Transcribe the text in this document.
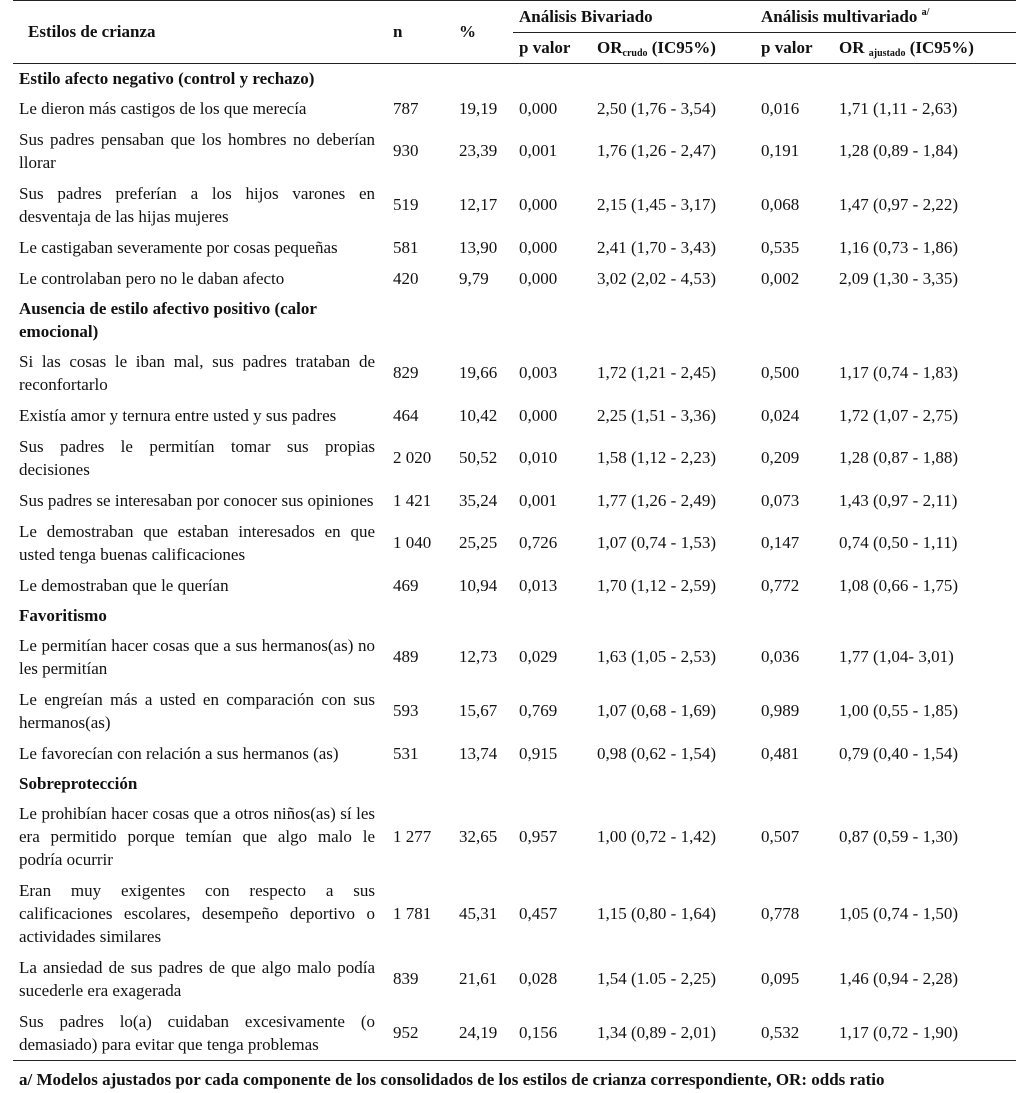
Estilos de crianza	n	%	Análisis Bivariado		Análisis multivariado $^{a/}$
			p valor	$OR_{crudo}$ (IC95%)	p valor	OR $_{ajustado}$ (IC95%)
Estilo afecto negativo (control y rechazo)						
Le dieron más castigos de los que merecía	787	19,19	0,000	2,50 (1,76 - 3,54)	0,016	1,71 (1,11 - 2,63)
Sus padres pensaban que los hombres no deberían llorar	930	23,39	0,001	1,76 (1,26 - 2,47)	0,191	1,28 (0,89 - 1,84)
Sus padres preferían a los hijos varones en desventaja de las hijas mujeres	519	12,17	0,000	2,15 (1,45 - 3,17)	0,068	1,47 (0,97 - 2,22)
Le castigaban severamente por cosas pequeñas	581	13,90	0,000	2,41 (1,70 - 3,43)	0,535	1,16 (0,73 - 1,86)
Le controlaban pero no le daban afecto	420	9,79	0,000	3,02 (2,02 - 4,53)	0,002	2,09 (1,30 - 3,35)
Ausencia de estilo afectivo positivo (calor emocional)						
Si las cosas le iban mal, sus padres trataban de reconfortarlo	829	19,66	0,003	1,72 (1,21 - 2,45)	0,500	1,17 (0,74 - 1,83)
Existía amor y ternura entre usted y sus padres	464	10,42	0,000	2,25 (1,51 - 3,36)	0,024	1,72 (1,07 - 2,75)
Sus padres le permitían tomar sus propias decisiones	2 020	50,52	0,010	1,58 (1,12 - 2,23)	0,209	1,28 (0,87 - 1,88)
Sus padres se interesaban por conocer sus opiniones	1 421	35,24	0,001	1,77 (1,26 - 2,49)	0,073	1,43 (0,97 - 2,11)
Le demostraban que estaban interesados en que usted tenga buenas calificaciones	1 040	25,25	0,726	1,07 (0,74 - 1,53)	0,147	0,74 (0,50 - 1,11)
Le demostraban que le querían	469	10,94	0,013	1,70 (1,12 - 2,59)	0,772	1,08 (0,66 - 1,75)
Favoritismo						
Le permitían hacer cosas que a sus hermanos(as) no les permitían	489	12,73	0,029	1,63 (1,05 - 2,53)	0,036	1,77 (1,04- 3,01)
Le engreían más a usted en comparación con sus hermanos(as)	593	15,67	0,769	1,07 (0,68 - 1,69)	0,989	1,00 (0,55 - 1,85)
Le favorecían con relación a sus hermanos (as)	531	13,74	0,915	0,98 (0,62 - 1,54)	0,481	0,79 (0,40 - 1,54)
Sobreprotección						
Le prohibían hacer cosas que a otros niños(as) sí les era permitido porque temían que algo malo le podría ocurrir	1 277	32,65	0,957	1,00 (0,72 - 1,42)	0,507	0,87 (0,59 - 1,30)
Eran muy exigentes con respecto a sus calificaciones escolares, desempeño deportivo o actividades similares	1 781	45,31	0,457	1,15 (0,80 - 1,64)	0,778	1,05 (0,74 - 1,50)
La ansiedad de sus padres de que algo malo podía sucederle era exagerada	839	21,61	0,028	1,54 (1.05 - 2,25)	0,095	1,46 (0,94 - 2,28)
Sus padres lo(a) cuidaban excesivamente (o demasiado) para evitar que tenga problemas	952	24,19	0,156	1,34 (0,89 - 2,01)	0,532	1,17 (0,72 - 1,90)
a/ Modelos ajustados por cada componente de los consolidados de los estilos de crianza correspondiente, OR: odds ratio						
